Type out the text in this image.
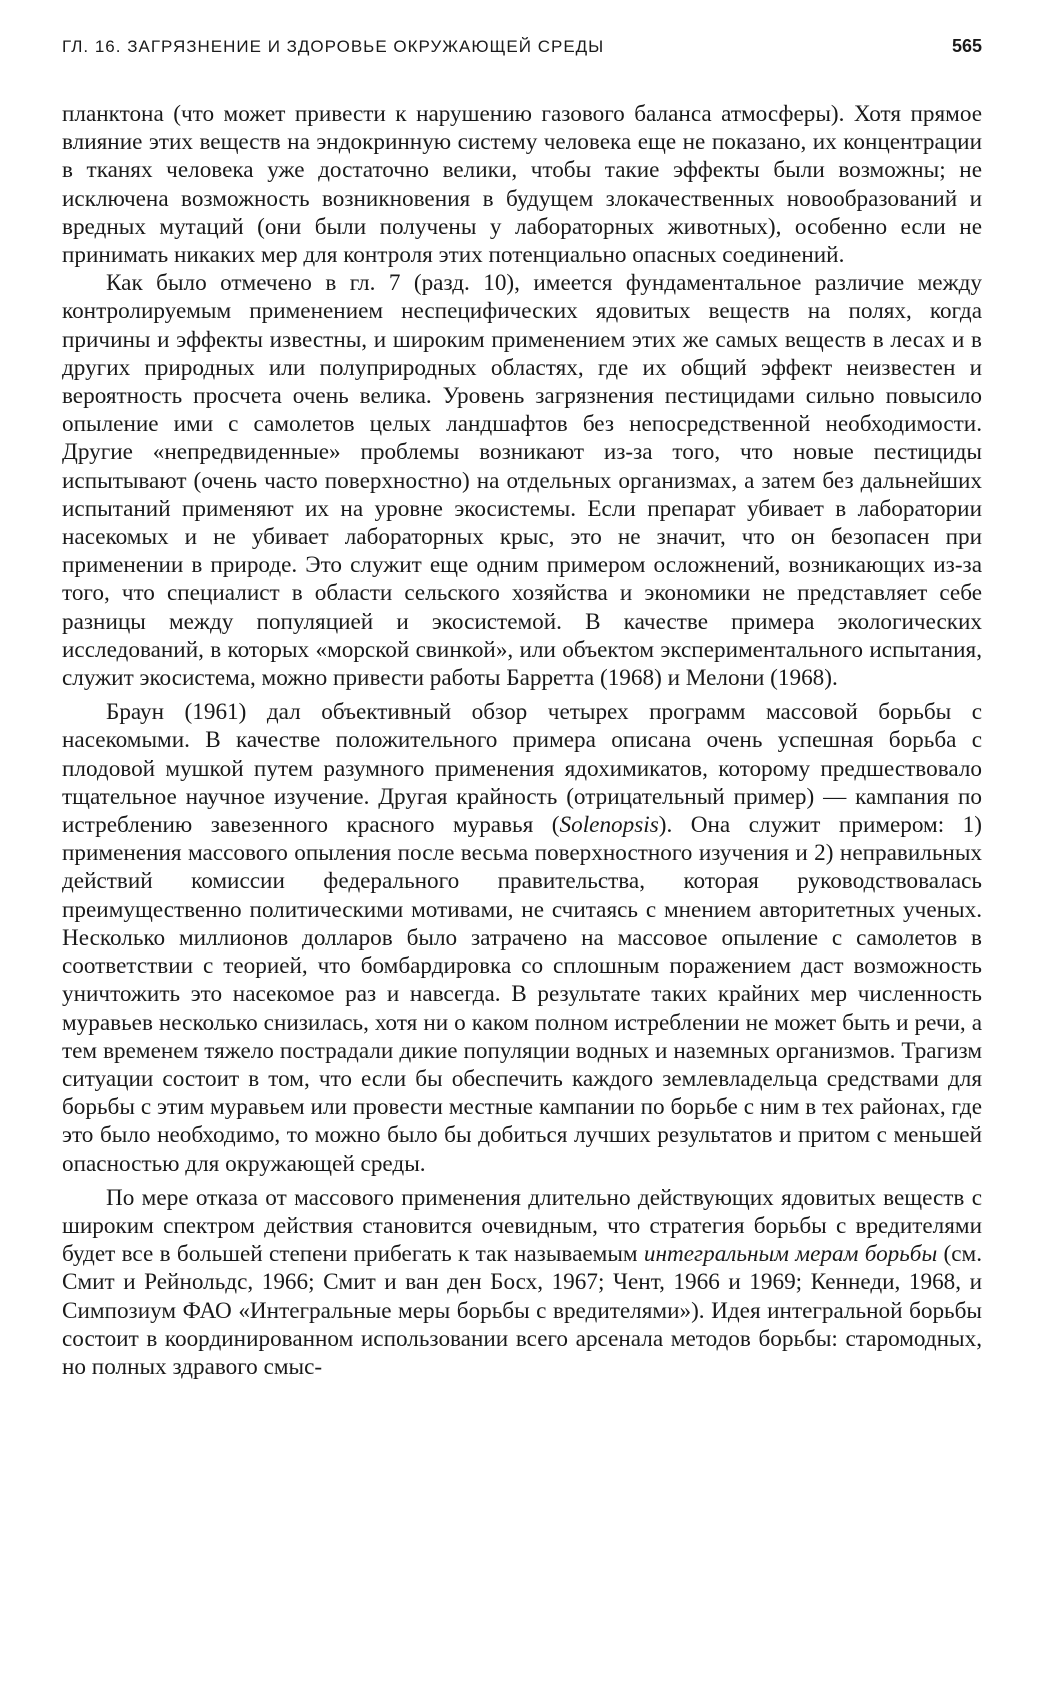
ГЛ. 16. ЗАГРЯЗНЕНИЕ И ЗДОРОВЬЕ ОКРУЖАЮЩЕЙ СРЕДЫ	565

планктона (что может привести к нарушению газового баланса атмосферы). Хотя прямое влияние этих веществ на эндокринную систему человека еще не показано, их концентрации в тканях человека уже достаточно велики, чтобы такие эффекты были возможны; не исключена возможность возникновения в будущем злокачественных новообразований и вредных мутаций (они были получены у лабораторных животных), особенно если не принимать никаких мер для контроля этих потенциально опасных соединений.

Как было отмечено в гл. 7 (разд. 10), имеется фундаментальное различие между контролируемым применением неспецифических ядовитых веществ на полях, когда причины и эффекты известны, и широким применением этих же самых веществ в лесах и в других природных или полуприродных областях, где их общий эффект неизвестен и вероятность просчета очень велика. Уровень загрязнения пестицидами сильно повысило опыление ими с самолетов целых ландшафтов без непосредственной необходимости. Другие «непредвиденные» проблемы возникают из-за того, что новые пестициды испытывают (очень часто поверхностно) на отдельных организмах, а затем без дальнейших испытаний применяют их на уровне экосистемы. Если препарат убивает в лаборатории насекомых и не убивает лабораторных крыс, это не значит, что он безопасен при применении в природе. Это служит еще одним примером осложнений, возникающих из-за того, что специалист в области сельского хозяйства и экономики не представляет себе разницы между популяцией и экосистемой. В качестве примера экологических исследований, в которых «морской свинкой», или объектом экспериментального испытания, служит экосистема, можно привести работы Барретта (1968) и Мелони (1968).

Браун (1961) дал объективный обзор четырех программ массовой борьбы с насекомыми. В качестве положительного примера описана очень успешная борьба с плодовой мушкой путем разумного применения ядохимикатов, которому предшествовало тщательное научное изучение. Другая крайность (отрицательный пример) — кампания по истреблению завезенного красного муравья (Solenopsis). Она служит примером: 1) применения массового опыления после весьма поверхностного изучения и 2) неправильных действий комиссии федерального правительства, которая руководствовалась преимущественно политическими мотивами, не считаясь с мнением авторитетных ученых. Несколько миллионов долларов было затрачено на массовое опыление с самолетов в соответствии с теорией, что бомбардировка со сплошным поражением даст возможность уничтожить это насекомое раз и навсегда. В результате таких крайних мер численность муравьев несколько снизилась, хотя ни о каком полном истреблении не может быть и речи, а тем временем тяжело пострадали дикие популяции водных и наземных организмов. Трагизм ситуации состоит в том, что если бы обеспечить каждого землевладельца средствами для борьбы с этим муравьем или провести местные кампании по борьбе с ним в тех районах, где это было необходимо, то можно было бы добиться лучших результатов и притом с меньшей опасностью для окружающей среды.

По мере отказа от массового применения длительно действующих ядовитых веществ с широким спектром действия становится очевидным, что стратегия борьбы с вредителями будет все в большей степени прибегать к так называемым интегральным мерам борьбы (см. Смит и Рейнольдс, 1966; Смит и ван ден Босх, 1967; Чент, 1966 и 1969; Кеннеди, 1968, и Симпозиум ФАО «Интегральные меры борьбы с вредителями»). Идея интегральной борьбы состоит в координированном использовании всего арсенала методов борьбы: старомодных, но полных здравого смыс-
